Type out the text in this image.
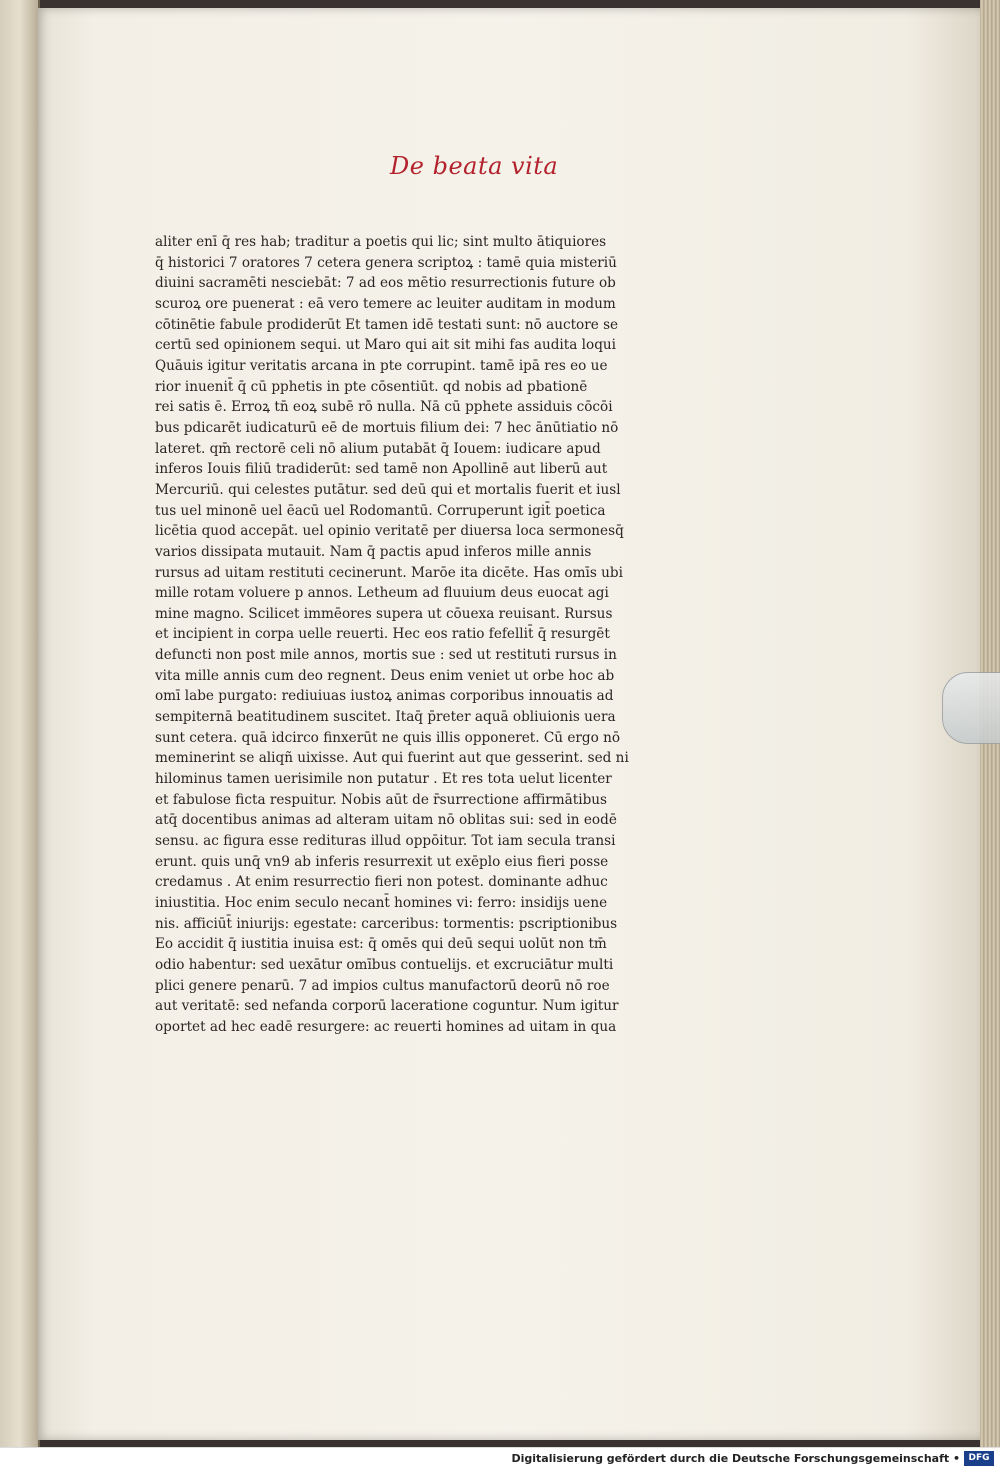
De beata vita
aliter enī q̄ res hab; traditur a poetis qui lic; sint multo ātiquiores
q̄ historici 7 oratores 7 cetera genera scriptoꝝ : tamē quia misteriū
diuini sacramēti nesciebāt: 7 ad eos mētio resurrectionis future ob
scuroꝝ ore puenerat : eā vero temere ac leuiter auditam in modum
cōtinētie fabule prodiderūt Et tamen idē testati sunt: nō auctore se
certū sed opinionem sequi. ut Maro qui ait sit mihi fas audita loqui
Quāuis igitur veritatis arcana in pte corrupint. tamē ipā res eo ue
rior inuenit̄ q̄ cū pphetis in pte cōsentiūt. qd nobis ad pbationē
rei satis ē. Erroꝝ tn̄ eoꝝ subē rō nulla. Nā cū pphete assiduis cōcōi
bus pdicarēt iudicaturū eē de mortuis filium dei: 7 hec ānūtiatio nō
lateret. qm̄ rectorē celi nō alium putabāt q̄ Iouem: iudicare apud
inferos Iouis filiū tradiderūt: sed tamē non Apollinē aut liberū aut
Mercuriū. qui celestes putātur. sed deū qui et mortalis fuerit et iusl
tus uel minonē uel ēacū uel Rodomantū. Corruperunt igit̄ poetica
licētia quod accepāt. uel opinio veritatē per diuersa loca sermonesq̄
varios dissipata mutauit. Nam q̄ pactis apud inferos mille annis
rursus ad uitam restituti cecinerunt. Marōe ita dicēte. Has omīs ubi
mille rotam voluere p annos. Letheum ad fluuium deus euocat agi
mine magno. Scilicet immēores supera ut cōuexa reuisant. Rursus
et incipient in corpa uelle reuerti. Hec eos ratio fefellit̄ q̄ resurgēt
defuncti non post mile annos, mortis sue : sed ut restituti rursus in
vita mille annis cum deo regnent. Deus enim veniet ut orbe hoc ab
omī labe purgato: rediuiuas iustoꝝ animas corporibus innouatis ad
sempiternā beatitudinem suscitet. Itaq̄ p̄reter aquā obliuionis uera
sunt cetera. quā idcirco finxerūt ne quis illis opponeret. Cū ergo nō
meminerint se aliqñ uixisse. Aut qui fuerint aut que gesserint. sed ni
hilominus tamen uerisimile non putatur . Et res tota uelut licenter
et fabulose ficta respuitur. Nobis aūt de r̄surrectione affirmātibus
atq̄ docentibus animas ad alteram uitam nō oblitas sui: sed in eodē
sensu. ac figura esse redituras illud oppōitur. Tot iam secula transi
erunt. quis unq̄ vn9 ab inferis resurrexit ut exēplo eius fieri posse
credamus . At enim resurrectio fieri non potest. dominante adhuc
iniustitia. Hoc enim seculo necant̄ homines vi: ferro: insidijs uene
nis. afficiūt̄ iniurijs: egestate: carceribus: tormentis: pscriptionibus
Eo accidit q̄ iustitia inuisa est: q̄ omēs qui deū sequi uolūt non tm̄
odio habentur: sed uexātur omībus contuelijs. et excruciātur multi
plici genere penarū. 7 ad impios cultus manufactorū deorū nō roe
aut veritatē: sed nefanda corporū laceratione coguntur. Num igitur
oportet ad hec eadē resurgere: ac reuerti homines ad uitam in qua
Digitalisierung gefördert durch die Deutsche Forschungsgemeinschaft • DFG
